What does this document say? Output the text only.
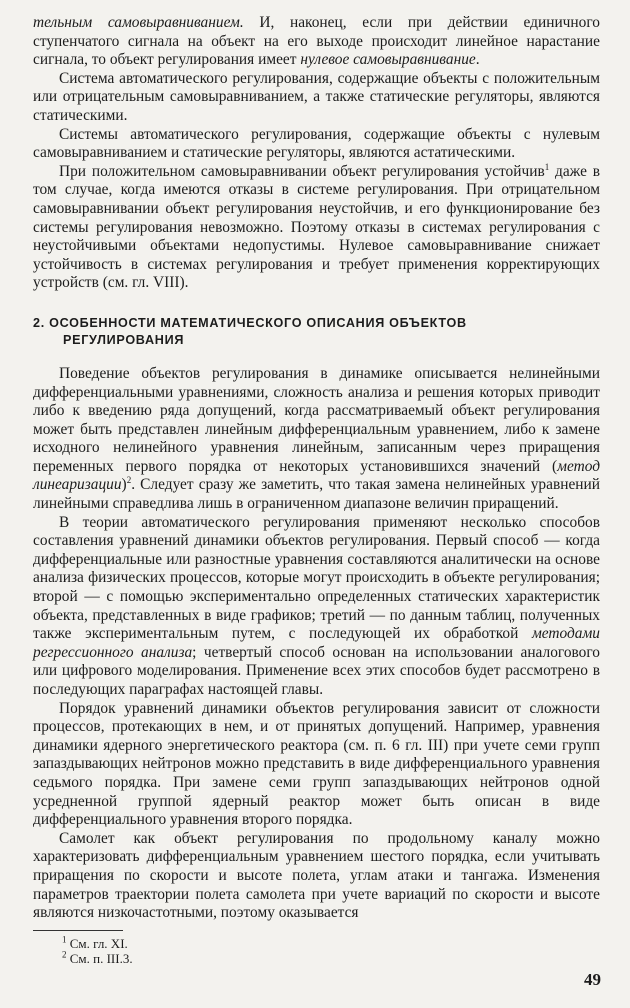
тельным самовыравниванием. И, наконец, если при действии единичного ступенчатого сигнала на объект на его выходе происходит линейное нарастание сигнала, то объект регулирования имеет нулевое самовыравнивание.

Система автоматического регулирования, содержащие объекты с положительным или отрицательным самовыравниванием, а также статические регуляторы, являются статическими.

Системы автоматического регулирования, содержащие объекты с нулевым самовыравниванием и статические регуляторы, являются астатическими.

При положительном самовыравнивании объект регулирования устойчив$^1$ даже в том случае, когда имеются отказы в системе регулирования. При отрицательном самовыравнивании объект регулирования неустойчив, и его функционирование без системы регулирования невозможно. Поэтому отказы в системах регулирования с неустойчивыми объектами недопустимы. Нулевое самовыравнивание снижает устойчивость в системах регулирования и требует применения корректирующих устройств (см. гл. VIII).

2. ОСОБЕННОСТИ МАТЕМАТИЧЕСКОГО ОПИСАНИЯ ОБЪЕКТОВ
РЕГУЛИРОВАНИЯ

Поведение объектов регулирования в динамике описывается нелинейными дифференциальными уравнениями, сложность анализа и решения которых приводит либо к введению ряда допущений, когда рассматриваемый объект регулирования может быть представлен линейным дифференциальным уравнением, либо к замене исходного нелинейного уравнения линейным, записанным через приращения переменных первого порядка от некоторых установившихся значений (метод линеаризации)$^2$. Следует сразу же заметить, что такая замена нелинейных уравнений линейными справедлива лишь в ограниченном диапазоне величин приращений.

В теории автоматического регулирования применяют несколько способов составления уравнений динамики объектов регулирования. Первый способ — когда дифференциальные или разностные уравнения составляются аналитически на основе анализа физических процессов, которые могут происходить в объекте регулирования; второй — с помощью экспериментально определенных статических характеристик объекта, представленных в виде графиков; третий — по данным таблиц, полученных также экспериментальным путем, с последующей их обработкой методами регрессионного анализа; четвертый способ основан на использовании аналогового или цифрового моделирования. Применение всех этих способов будет рассмотрено в последующих параграфах настоящей главы.

Порядок уравнений динамики объектов регулирования зависит от сложности процессов, протекающих в нем, и от принятых допущений. Например, уравнения динамики ядерного энергетического реактора (см. п. 6 гл. III) при учете семи групп запаздывающих нейтронов можно представить в виде дифференциального уравнения седьмого порядка. При замене семи групп запаздывающих нейтронов одной усредненной группой ядерный реактор может быть описан в виде дифференциального уравнения второго порядка.

Самолет как объект регулирования по продольному каналу можно характеризовать дифференциальным уравнением шестого порядка, если учитывать приращения по скорости и высоте полета, углам атаки и тангажа. Изменения параметров траектории полета самолета при учете вариаций по скорости и высоте являются низкочастотными, поэтому оказывается

$^1$ См. гл. XI.
$^2$ См. п. III.3.
49
